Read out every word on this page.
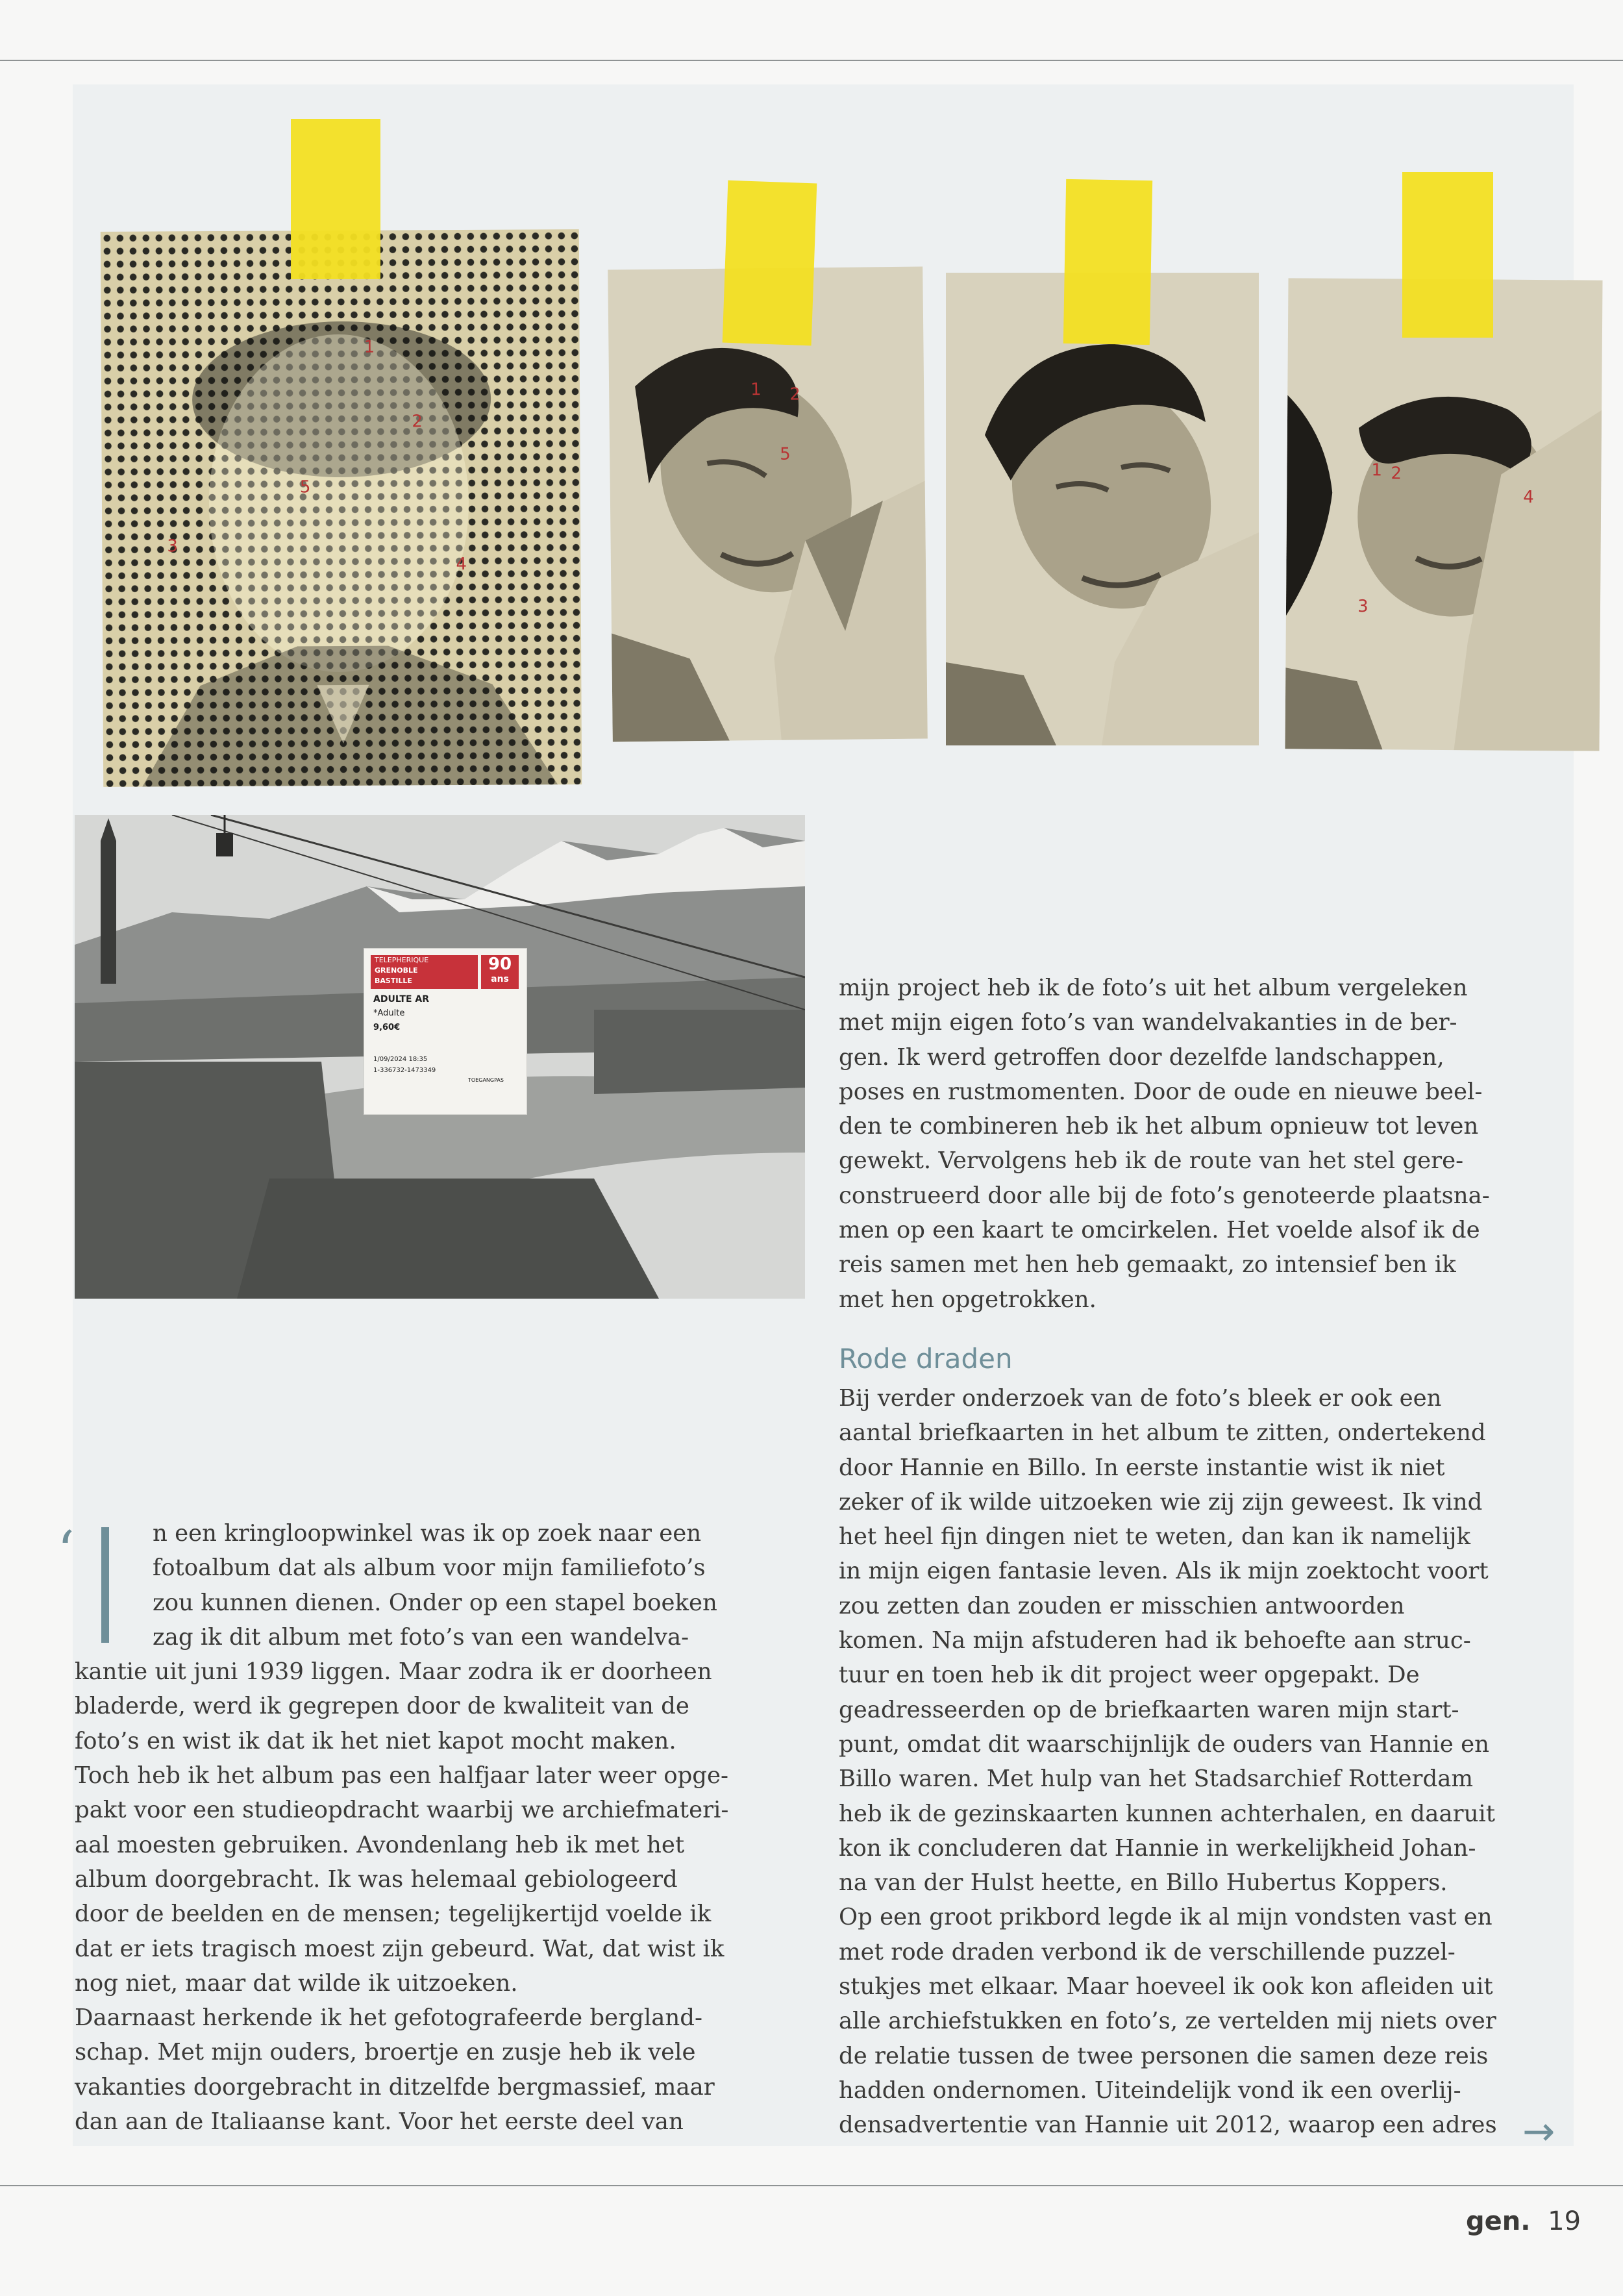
1
2
5
3
4
1 2
5
1 2
3
4
TELEPHERIQUE
GRENOBLE
BASTILLE
90
ans
ADULTE AR
*Adulte
9,60€
1/09/2024 18:35
1-336732-1473349
TOEGANGPAS

mijn project heb ik de foto’s uit het album vergeleken
met mijn eigen foto’s van wandelvakanties in de ber-
gen. Ik werd getroffen door dezelfde landschappen,
poses en rustmomenten. Door de oude en nieuwe beel-
den te combineren heb ik het album opnieuw tot leven
gewekt. Vervolgens heb ik de route van het stel gere-
construeerd door alle bij de foto’s genoteerde plaatsna-
men op een kaart te omcirkelen. Het voelde alsof ik de
reis samen met hen heb gemaakt, zo intensief ben ik
met hen opgetrokken.

Rode draden

Bij verder onderzoek van de foto’s bleek er ook een
aantal briefkaarten in het album te zitten, ondertekend
door Hannie en Billo. In eerste instantie wist ik niet
zeker of ik wilde uitzoeken wie zij zijn geweest. Ik vind
het heel fijn dingen niet te weten, dan kan ik namelijk
in mijn eigen fantasie leven. Als ik mijn zoektocht voort
zou zetten dan zouden er misschien antwoorden
komen. Na mijn afstuderen had ik behoefte aan struc-
tuur en toen heb ik dit project weer opgepakt. De
geadresseerden op de briefkaarten waren mijn start-
punt, omdat dit waarschijnlijk de ouders van Hannie en
Billo waren. Met hulp van het Stadsarchief Rotterdam
heb ik de gezinskaarten kunnen achterhalen, en daaruit
kon ik concluderen dat Hannie in werkelijkheid Johan-
na van der Hulst heette, en Billo Hubertus Koppers.
Op een groot prikbord legde ik al mijn vondsten vast en
met rode draden verbond ik de verschillende puzzel-
stukjes met elkaar. Maar hoeveel ik ook kon afleiden uit
alle archiefstukken en foto’s, ze vertelden mij niets over
de relatie tussen de twee personen die samen deze reis
hadden ondernomen. Uiteindelijk vond ik een overlij-
densadvertentie van Hannie uit 2012, waarop een adres

‘	n een kringloopwinkel was ik op zoek naar een
fotoalbum dat als album voor mijn familiefoto’s
zou kunnen dienen. Onder op een stapel boeken
zag ik dit album met foto’s van een wandelva-
kantie uit juni 1939 liggen. Maar zodra ik er doorheen
bladerde, werd ik gegrepen door de kwaliteit van de
foto’s en wist ik dat ik het niet kapot mocht maken.
Toch heb ik het album pas een halfjaar later weer opge-
pakt voor een studieopdracht waarbij we archiefmateri-
aal moesten gebruiken. Avondenlang heb ik met het
album doorgebracht. Ik was helemaal gebiologeerd
door de beelden en de mensen; tegelijkertijd voelde ik
dat er iets tragisch moest zijn gebeurd. Wat, dat wist ik
nog niet, maar dat wilde ik uitzoeken.
Daarnaast herkende ik het gefotografeerde bergland-
schap. Met mijn ouders, broertje en zusje heb ik vele
vakanties doorgebracht in ditzelfde bergmassief, maar
dan aan de Italiaanse kant. Voor het eerste deel van	→
gen. 19
